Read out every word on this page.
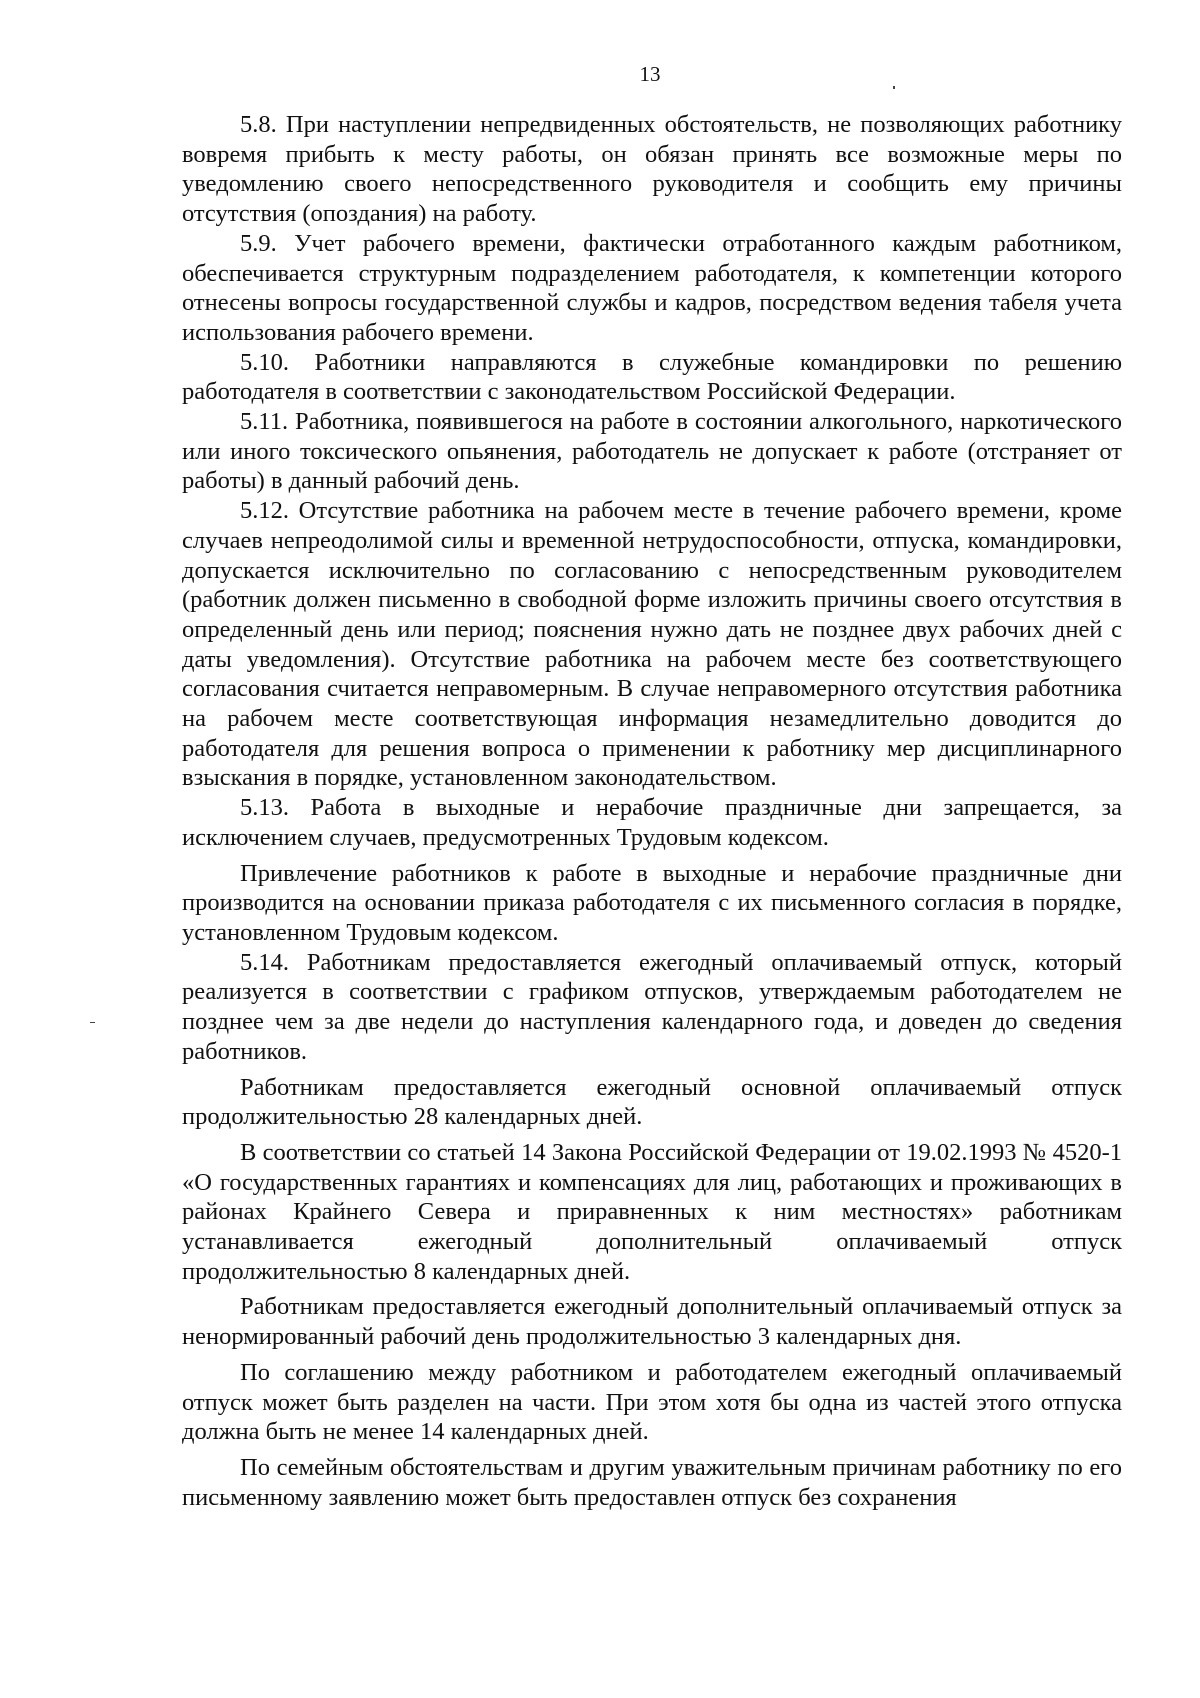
13

5.8. При наступлении непредвиденных обстоятельств, не позволяющих работнику вовремя прибыть к месту работы, он обязан принять все возможные меры по уведомлению своего непосредственного руководителя и сообщить ему причины отсутствия (опоздания) на работу.

5.9. Учет рабочего времени, фактически отработанного каждым работником, обеспечивается структурным подразделением работодателя, к компетенции которого отнесены вопросы государственной службы и кадров, посредством ведения табеля учета использования рабочего времени.

5.10. Работники направляются в служебные командировки по решению работодателя в соответствии с законодательством Российской Федерации.

5.11. Работника, появившегося на работе в состоянии алкогольного, наркотического или иного токсического опьянения, работодатель не допускает к работе (отстраняет от работы) в данный рабочий день.

5.12. Отсутствие работника на рабочем месте в течение рабочего времени, кроме случаев непреодолимой силы и временной нетрудоспособности, отпуска, командировки, допускается исключительно по согласованию с непосредственным руководителем (работник должен письменно в свободной форме изложить причины своего отсутствия в определенный день или период; пояснения нужно дать не позднее двух рабочих дней с даты уведомления). Отсутствие работника на рабочем месте без соответствующего согласования считается неправомерным. В случае неправомерного отсутствия работника на рабочем месте соответствующая информация незамедлительно доводится до работодателя для решения вопроса о применении к работнику мер дисциплинарного взыскания в порядке, установленном законодательством.

5.13. Работа в выходные и нерабочие праздничные дни запрещается, за исключением случаев, предусмотренных Трудовым кодексом.

Привлечение работников к работе в выходные и нерабочие праздничные дни производится на основании приказа работодателя с их письменного согласия в порядке, установленном Трудовым кодексом.

5.14. Работникам предоставляется ежегодный оплачиваемый отпуск, который реализуется в соответствии с графиком отпусков, утверждаемым работодателем не позднее чем за две недели до наступления календарного года, и доведен до сведения работников.

Работникам предоставляется ежегодный основной оплачиваемый отпуск продолжительностью 28 календарных дней.

В соответствии со статьей 14 Закона Российской Федерации от 19.02.1993 № 4520-1 «О государственных гарантиях и компенсациях для лиц, работающих и проживающих в районах Крайнего Севера и приравненных к ним местностях» работникам устанавливается ежегодный дополнительный оплачиваемый отпуск продолжительностью 8 календарных дней.

Работникам предоставляется ежегодный дополнительный оплачиваемый отпуск за ненормированный рабочий день продолжительностью 3 календарных дня.

По соглашению между работником и работодателем ежегодный оплачиваемый отпуск может быть разделен на части. При этом хотя бы одна из частей этого отпуска должна быть не менее 14 календарных дней.

По семейным обстоятельствам и другим уважительным причинам работнику по его письменному заявлению может быть предоставлен отпуск без сохранения
